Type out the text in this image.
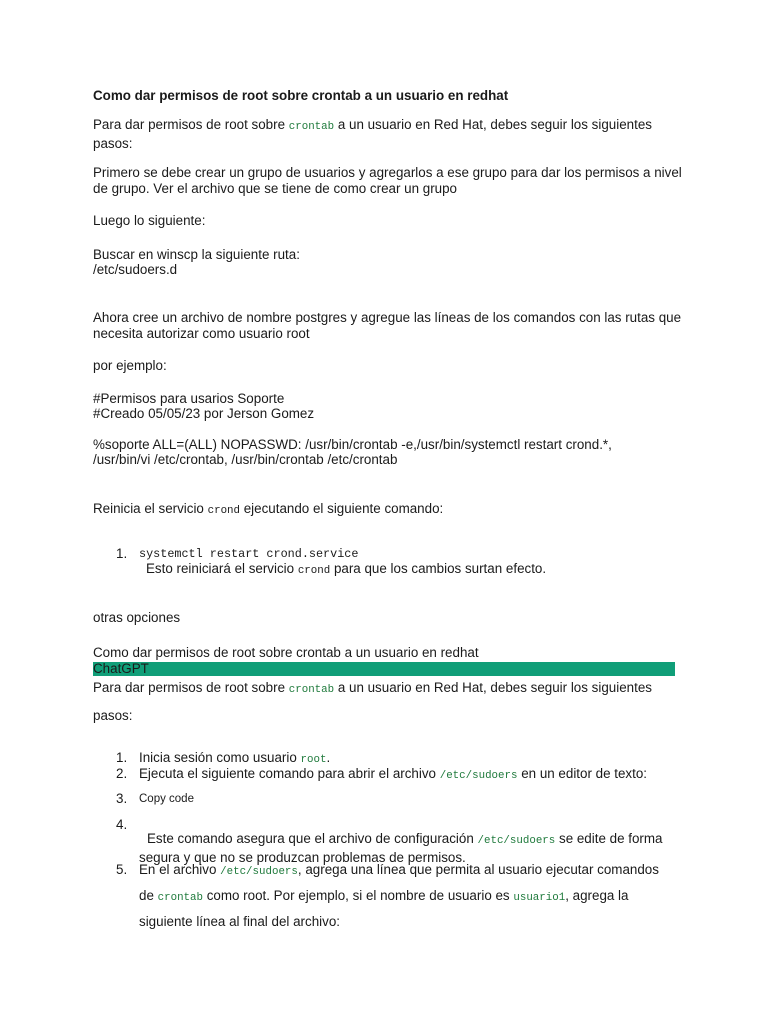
Como dar permisos de root sobre crontab a un usuario en redhat

Para dar permisos de root sobre crontab a un usuario en Red Hat, debes seguir los siguientes pasos:

Primero se debe crear un grupo de usuarios y agregarlos a ese grupo para dar los permisos a nivel de grupo. Ver el archivo que se tiene de como crear un grupo

Luego lo siguiente:

Buscar en winscp la siguiente ruta:

/etc/sudoers.d

Ahora cree un archivo de nombre postgres y agregue las líneas de los comandos con las rutas que necesita autorizar como usuario root

por ejemplo:

#Permisos para usarios Soporte

#Creado 05/05/23 por Jerson Gomez

%soporte ALL=(ALL) NOPASSWD: /usr/bin/crontab -e,/usr/bin/systemctl restart crond.*,

/usr/bin/vi /etc/crontab, /usr/bin/crontab /etc/crontab

Reinicia el servicio crond ejecutando el siguiente comando:

1. systemctl restart crond.service
Esto reiniciará el servicio crond para que los cambios surtan efecto.

otras opciones

Como dar permisos de root sobre crontab a un usuario en redhat

ChatGPT

Para dar permisos de root sobre crontab a un usuario en Red Hat, debes seguir los siguientes

pasos:

1. Inicia sesión como usuario root.
2. Ejecuta el siguiente comando para abrir el archivo /etc/sudoers en un editor de texto:
3. Copy code
4.
Este comando asegura que el archivo de configuración /etc/sudoers se edite de forma segura y que no se produzcan problemas de permisos.
5. En el archivo /etc/sudoers, agrega una línea que permita al usuario ejecutar comandos
de crontab como root. Por ejemplo, si el nombre de usuario es usuario1, agrega la
siguiente línea al final del archivo:
